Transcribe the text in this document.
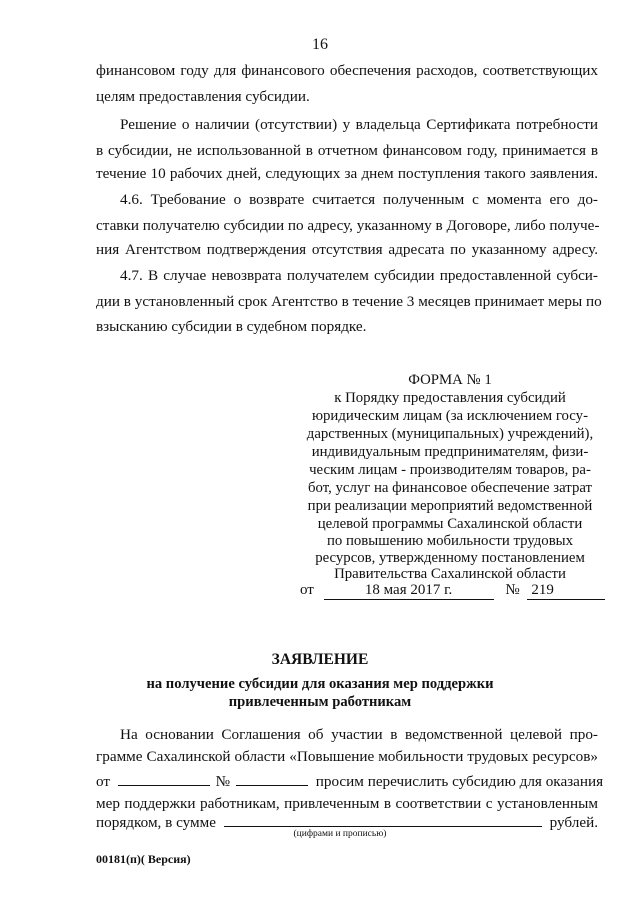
16
финансовом году для финансового обеспечения расходов, соответствующих
целям предоставления субсидии.
Решение о наличии (отсутствии) у владельца Сертификата потребности
в субсидии, не использованной в отчетном финансовом году, принимается в
течение 10 рабочих дней, следующих за днем поступления такого заявления.
4.6. Требование о возврате считается полученным с момента его до-
ставки получателю субсидии по адресу, указанному в Договоре, либо получе-
ния Агентством подтверждения отсутствия адресата по указанному адресу.
4.7. В случае невозврата получателем субсидии предоставленной субси-
дии в установленный срок Агентство в течение 3 месяцев принимает меры по
взысканию субсидии в судебном порядке.
ФОРМА № 1
к Порядку предоставления субсидий
юридическим лицам (за исключением госу-
дарственных (муниципальных) учреждений),
индивидуальным предпринимателям, физи-
ческим лицам - производителям товаров, ра-
бот, услуг на финансовое обеспечение затрат
при реализации мероприятий ведомственной
целевой программы Сахалинской области
по повышению мобильности трудовых
ресурсов, утвержденному постановлением
Правительства Сахалинской области
от	18 мая 2017 г.	№ 219
ЗАЯВЛЕНИЕ
на получение субсидии для оказания мер поддержки
привлеченным работникам
На основании Соглашения об участии в ведомственной целевой про-
грамме Сахалинской области «Повышение мобильности трудовых ресурсов»
от	№	просим перечислить субсидию для оказания
мер поддержки работникам, привлеченным в соответствии с установленным
порядком, в сумме	рублей.
(цифрами и прописью)
00181(п)( Версия)
